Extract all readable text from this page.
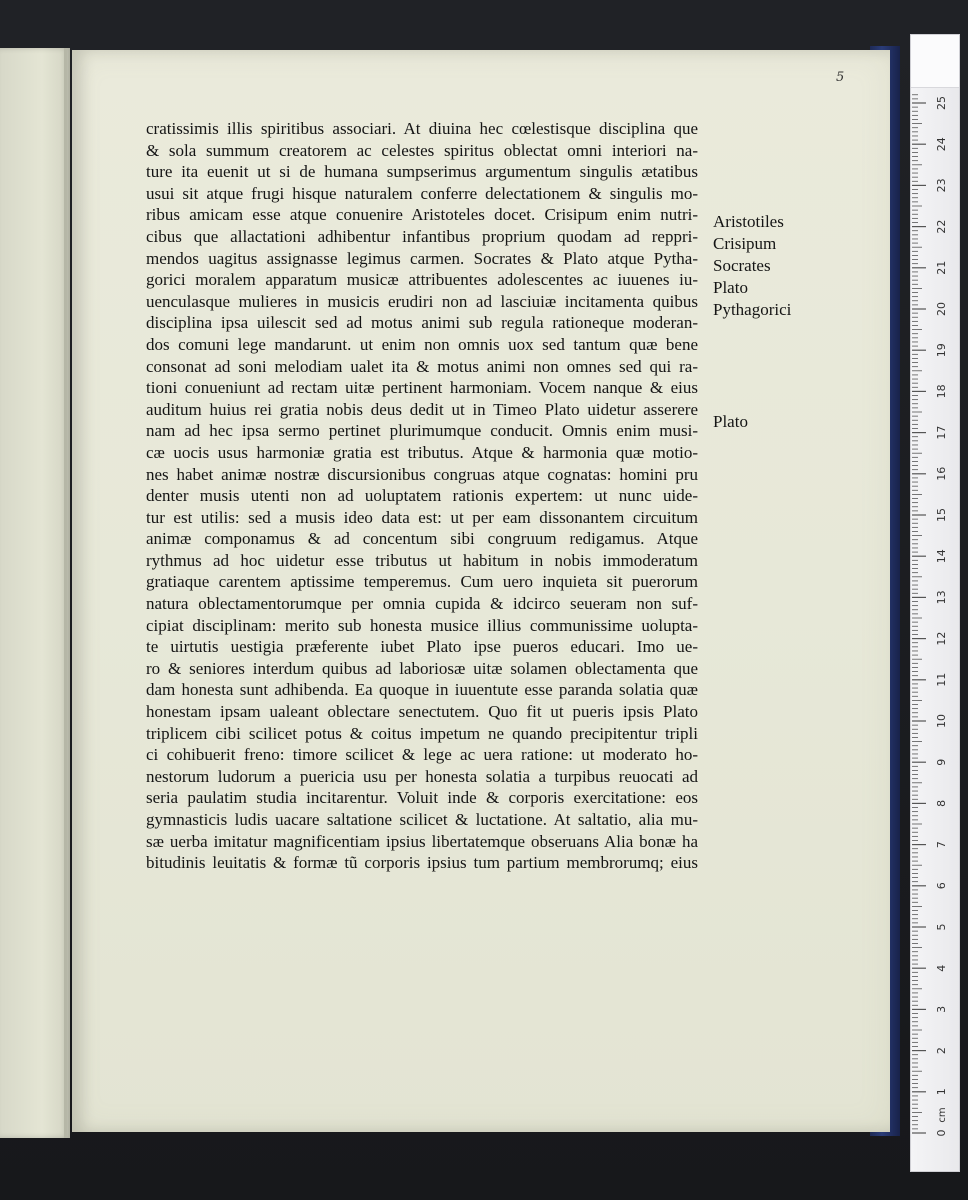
5
cratissimis illis spiritibus associari. At diuina hec cœlestisque disciplina que
& sola summum creatorem ac celestes spiritus oblectat omni interiori na-
ture ita euenit ut si de humana sumpserimus argumentum singulis ætatibus
usui sit atque frugi hisque naturalem conferre delectationem & singulis mo-
ribus amicam esse atque conuenire Aristoteles docet. Crisipum enim nutri-
cibus que allactationi adhibentur infantibus proprium quodam ad reppri-
mendos uagitus assignasse legimus carmen. Socrates & Plato atque Pytha-
gorici moralem apparatum musicæ attribuentes adolescentes ac iuuenes iu-
uenculasque mulieres in musicis erudiri non ad lasciuiæ incitamenta quibus
disciplina ipsa uilescit sed ad motus animi sub regula rationeque moderan-
dos comuni lege mandarunt. ut enim non omnis uox sed tantum quæ bene
consonat ad soni melodiam ualet ita & motus animi non omnes sed qui ra-
tioni conueniunt ad rectam uitæ pertinent harmoniam. Vocem nanque & eius
auditum huius rei gratia nobis deus dedit ut in Timeo Plato uidetur asserere
nam ad hec ipsa sermo pertinet plurimumque conducit. Omnis enim musi-
cæ uocis usus harmoniæ gratia est tributus. Atque & harmonia quæ motio-
nes habet animæ nostræ discursionibus congruas atque cognatas: homini pru
denter musis utenti non ad uoluptatem rationis expertem: ut nunc uide-
tur est utilis: sed a musis ideo data est: ut per eam dissonantem circuitum
animæ componamus & ad concentum sibi congruum redigamus. Atque
rythmus ad hoc uidetur esse tributus ut habitum in nobis immoderatum
gratiaque carentem aptissime temperemus. Cum uero inquieta sit puerorum
natura oblectamentorumque per omnia cupida & idcirco seueram non suf-
cipiat disciplinam: merito sub honesta musice illius communissime uolupta-
te uirtutis uestigia præferente iubet Plato ipse pueros educari. Imo ue-
ro & seniores interdum quibus ad laboriosæ uitæ solamen oblectamenta que
dam honesta sunt adhibenda. Ea quoque in iuuentute esse paranda solatia quæ
honestam ipsam ualeant oblectare senectutem. Quo fit ut pueris ipsis Plato
triplicem cibi scilicet potus & coitus impetum ne quando precipitentur tripli
ci cohibuerit freno: timore scilicet & lege ac uera ratione: ut moderato ho-
nestorum ludorum a puericia usu per honesta solatia a turpibus reuocati ad
seria paulatim studia incitarentur. Voluit inde & corporis exercitatione: eos
gymnasticis ludis uacare saltatione scilicet & luctatione. At saltatio, alia mu-
sæ uerba imitatur magnificentiam ipsius libertatemque obseruans Alia bonæ ha
bitudinis leuitatis & formæ tũ corporis ipsius tum partium membrorumq; eius
Aristotiles
Crisipum
Socrates
Plato
Pythagorici
Plato
0
1
2
3
4
5
6
7
8
9
10
11
12
13
14
15
16
17
18
19
20
21
22
23
24
25
cm
